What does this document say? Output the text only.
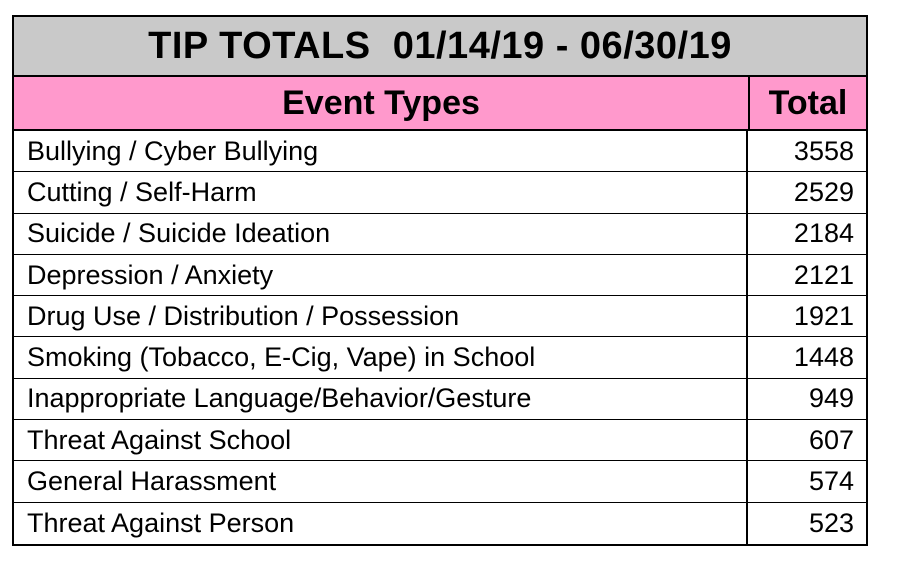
TIP TOTALS  01/14/19 - 06/30/19
Event Types	Total
Bullying / Cyber Bullying	3558
Cutting / Self-Harm	2529
Suicide / Suicide Ideation	2184
Depression / Anxiety	2121
Drug Use / Distribution / Possession	1921
Smoking (Tobacco, E-Cig, Vape) in School	1448
Inappropriate Language/Behavior/Gesture	949
Threat Against School	607
General Harassment	574
Threat Against Person	523
